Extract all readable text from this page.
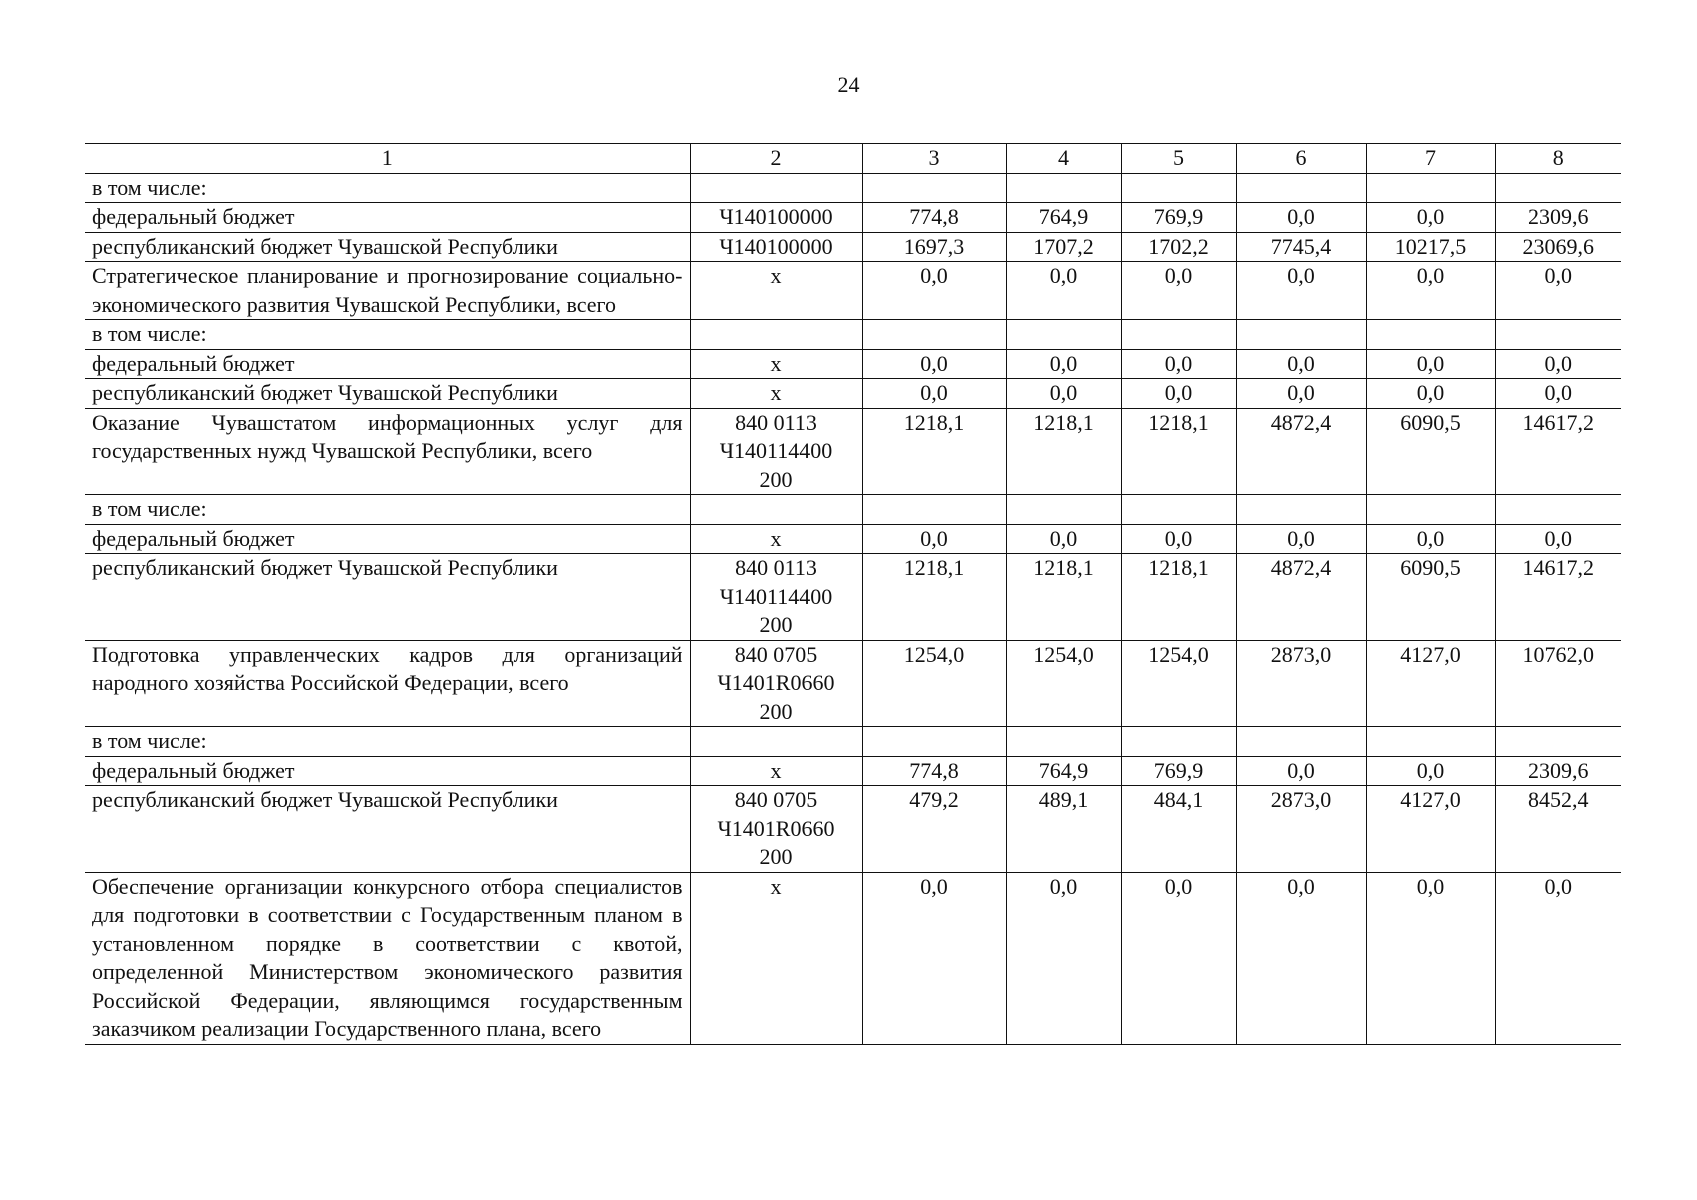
24
1	2	3	4	5	6	7	8
в том числе:							
федеральный бюджет	Ч140100000	774,8	764,9	769,9	0,0	0,0	2309,6
республиканский бюджет Чувашской Республики	Ч140100000	1697,3	1707,2	1702,2	7745,4	10217,5	23069,6
Стратегическое планирование и прогнозирование социально-экономического развития Чувашской Республики, всего	x	0,0	0,0	0,0	0,0	0,0	0,0
в том числе:							
федеральный бюджет	x	0,0	0,0	0,0	0,0	0,0	0,0
республиканский бюджет Чувашской Республики	x	0,0	0,0	0,0	0,0	0,0	0,0
Оказание Чувашстатом информационных услуг для государственных нужд Чувашской Республики, всего	840 0113
Ч140114400
200	1218,1	1218,1	1218,1	4872,4	6090,5	14617,2
в том числе:							
федеральный бюджет	x	0,0	0,0	0,0	0,0	0,0	0,0
республиканский бюджет Чувашской Республики	840 0113
Ч140114400
200	1218,1	1218,1	1218,1	4872,4	6090,5	14617,2
Подготовка управленческих кадров для организаций народного хозяйства Российской Федерации, всего	840 0705
Ч1401R0660
200	1254,0	1254,0	1254,0	2873,0	4127,0	10762,0
в том числе:							
федеральный бюджет	x	774,8	764,9	769,9	0,0	0,0	2309,6
республиканский бюджет Чувашской Республики	840 0705
Ч1401R0660
200	479,2	489,1	484,1	2873,0	4127,0	8452,4
Обеспечение организации конкурсного отбора специалистов для подготовки в соответствии с Государственным планом в установленном порядке в соответствии с квотой, определенной Министерством экономического развития Российской Федерации, являющимся государственным заказчиком реализации Государственного плана, всего	x	0,0	0,0	0,0	0,0	0,0	0,0
